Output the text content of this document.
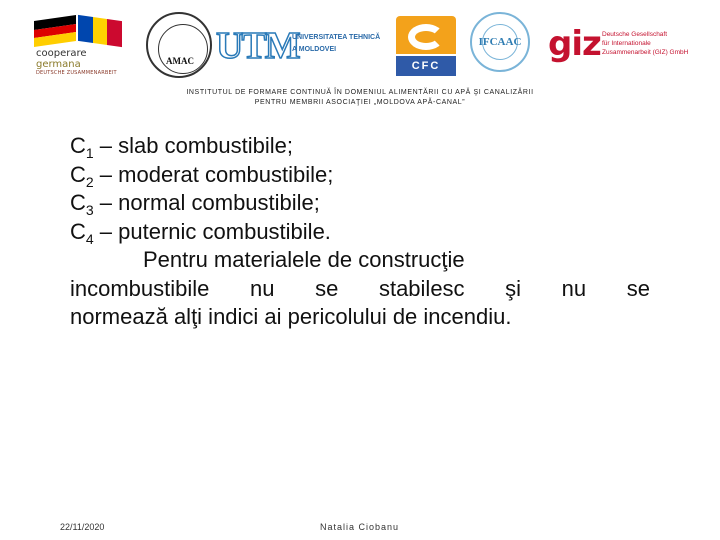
cooperare
germana
DEUTSCHE ZUSAMMENARBEIT
AMAC UTM
UNIVERSITATEA TEHNICĂ
A MOLDOVEI
CFC
IFCAAC giz Deutsche Gesellschaft
für Internationale
Zusammenarbeit (GIZ) GmbH
INSTITUTUL DE FORMARE CONTINUĂ ÎN DOMENIUL ALIMENTĂRII CU APĂ ŞI CANALIZĂRII
PENTRU MEMBRII ASOCIAŢIEI „MOLDOVA APĂ-CANAL”
$C_1$ – slab combustibile;
$C_2$ – moderat combustibile;
$C_3$ – normal combustibile;
$C_4$ – puternic combustibile.
Pentru materialele de construcţie
incombustibile nu se stabilesc şi nu se
normează alţi indici ai pericolului de incendiu.
22/11/2020	Natalia Ciobanu
